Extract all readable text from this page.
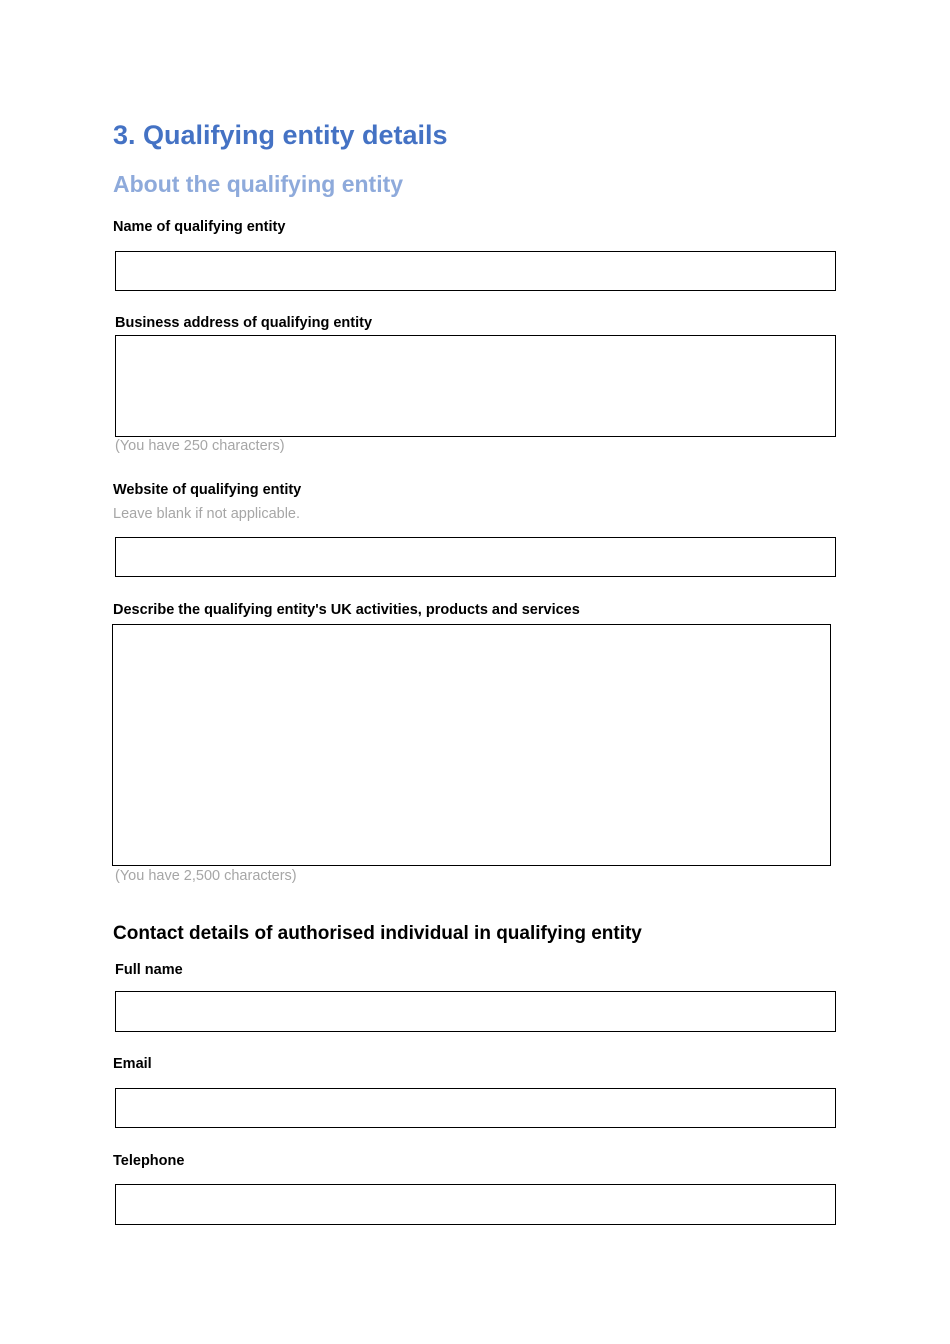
3. Qualifying entity details
About the qualifying entity
Name of qualifying entity
Business address of qualifying entity
(You have 250 characters)
Website of qualifying entity
Leave blank if not applicable.
Describe the qualifying entity's UK activities, products and services
(You have 2,500 characters)
Contact details of authorised individual in qualifying entity
Full name
Email
Telephone
